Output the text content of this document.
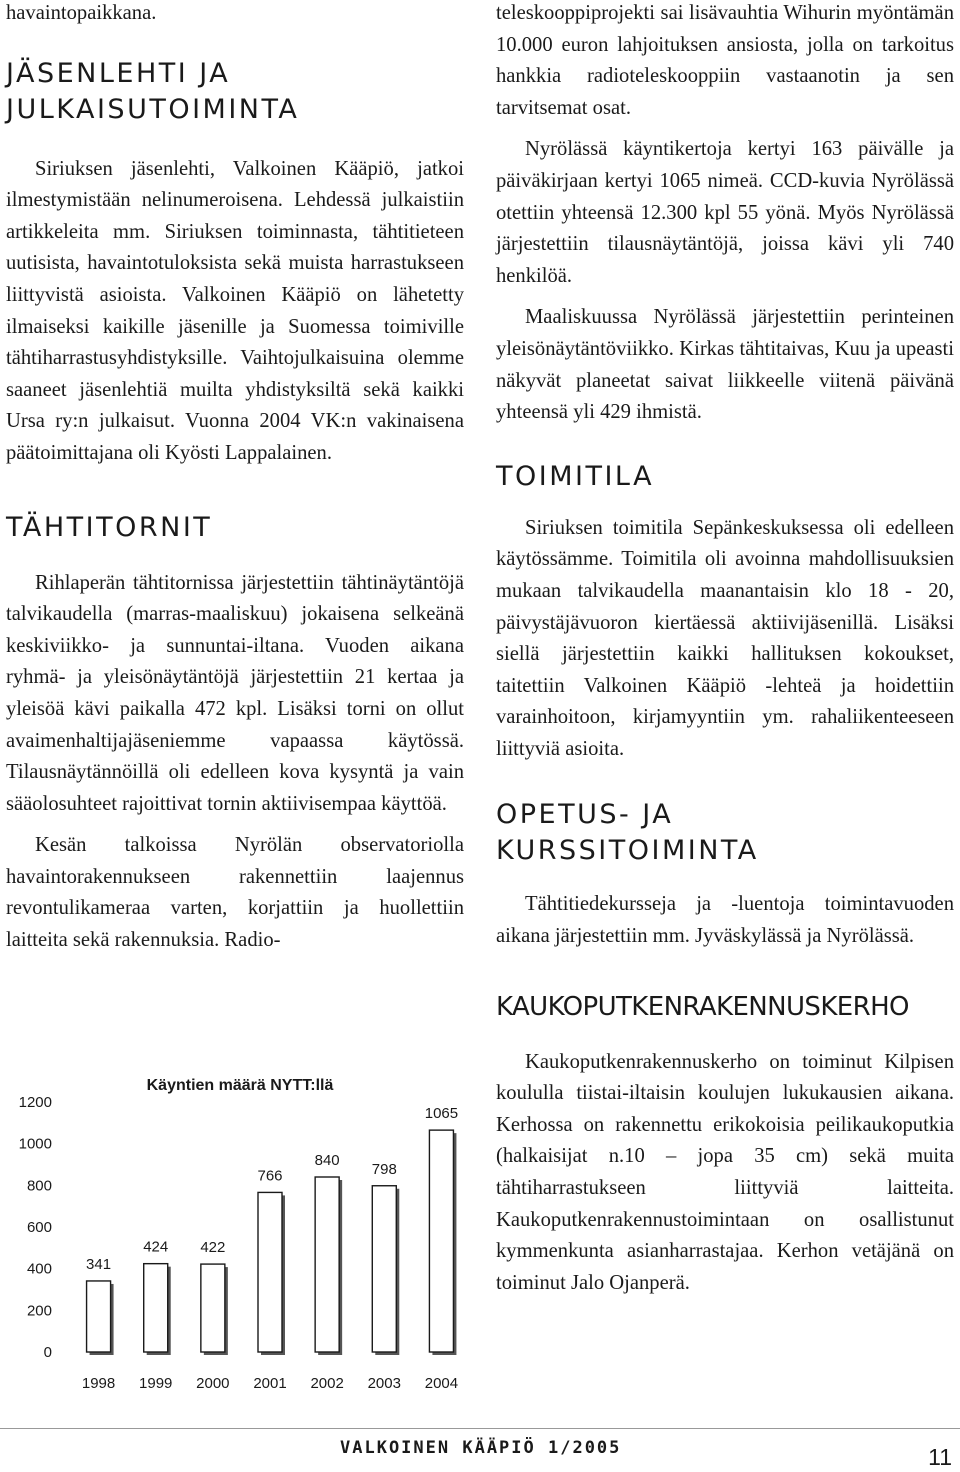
havaintopaikkana.

JÄSENLEHTI JA JULKAISUTOIMINTA

Siriuksen jäsenlehti, Valkoinen Kääpiö, jatkoi ilmestymistään nelinumeroisena. Lehdessä julkaistiin artikkeleita mm. Siriuksen toiminnasta, tähtitieteen uutisista, havaintotuloksista sekä muista harrastukseen liittyvistä asioista. Valkoinen Kääpiö on lähetetty ilmaiseksi kaikille jäsenille ja Suomessa toimiville tähtiharrastusyhdistyksille. Vaihtojulkaisuina olemme saaneet jäsenlehtiä muilta yhdistyksiltä sekä kaikki Ursa ry:n julkaisut. Vuonna 2004 VK:n vakinaisena päätoimittajana oli Kyösti Lappalainen.

TÄHTITORNIT

Rihlaperän tähtitornissa järjestettiin tähtinäytäntöjä talvikaudella (marras-maaliskuu) jokaisena selkeänä keskiviikko- ja sunnuntai-iltana. Vuoden aikana ryhmä- ja yleisönäytäntöjä järjestettiin 21 kertaa ja yleisöä kävi paikalla 472 kpl. Lisäksi torni on ollut avaimenhaltijajäseniemme vapaassa käytössä. Tilausnäytännöillä oli edelleen kova kysyntä ja vain sääolosuhteet rajoittivat tornin aktiivisempaa käyttöä.

Kesän talkoissa Nyrölän observatoriolla havaintorakennukseen rakennettiin laajennus revontulikameraa varten, korjattiin ja huollettiin laitteita sekä rakennuksia. Radio-

Käyntien määrä NYTT:llä
0
200
400
600
800
1000
1200
341
1998
424
1999
422
2000
766
2001
840
2002
798
2003
1065
2004

teleskooppiprojekti sai lisävauhtia Wihurin myöntämän 10.000 euron lahjoituksen ansiosta, jolla on tarkoitus hankkia radioteleskooppiin vastaanotin ja sen tarvitsemat osat.

Nyrölässä käyntikertoja kertyi 163 päivälle ja päiväkirjaan kertyi 1065 nimeä. CCD-kuvia Nyrölässä otettiin yhteensä 12.300 kpl 55 yönä. Myös Nyrölässä järjestettiin tilausnäytäntöjä, joissa kävi yli 740 henkilöä.

Maaliskuussa Nyrölässä järjestettiin perinteinen yleisönäytäntöviikko. Kirkas tähtitaivas, Kuu ja upeasti näkyvät planeetat saivat liikkeelle viitenä päivänä yhteensä yli 429 ihmistä.

TOIMITILA

Siriuksen toimitila Sepänkeskuksessa oli edelleen käytössämme. Toimitila oli avoinna mahdollisuuksien mukaan talvikaudella maanantaisin klo 18 - 20, päivystäjävuoron kiertäessä aktiivijäsenillä. Lisäksi siellä järjestettiin kaikki hallituksen kokoukset, taitettiin Valkoinen Kääpiö -lehteä ja hoidettiin varainhoitoon, kirjamyyntiin ym. rahaliikenteeseen liittyviä asioita.

OPETUS- JA KURSSITOIMINTA

Tähtitiedekursseja ja -luentoja toimintavuoden aikana järjestettiin mm. Jyväskylässä ja Nyrölässä.

KAUKOPUTKENRAKENNUSKERHO

Kaukoputkenrakennuskerho on toiminut Kilpisen koululla tiistai-iltaisin koulujen lukukausien aikana. Kerhossa on rakennettu erikokoisia peilikaukoputkia (halkaisijat n.10 – jopa 35 cm) sekä muita tähtiharrastukseen liittyviä laitteita. Kaukoputkenrakennustoimintaan on osallistunut kymmenkunta asianharrastajaa. Kerhon vetäjänä on toiminut Jalo Ojanperä.

VALKOINEN KÄÄPIÖ 1/2005	11
